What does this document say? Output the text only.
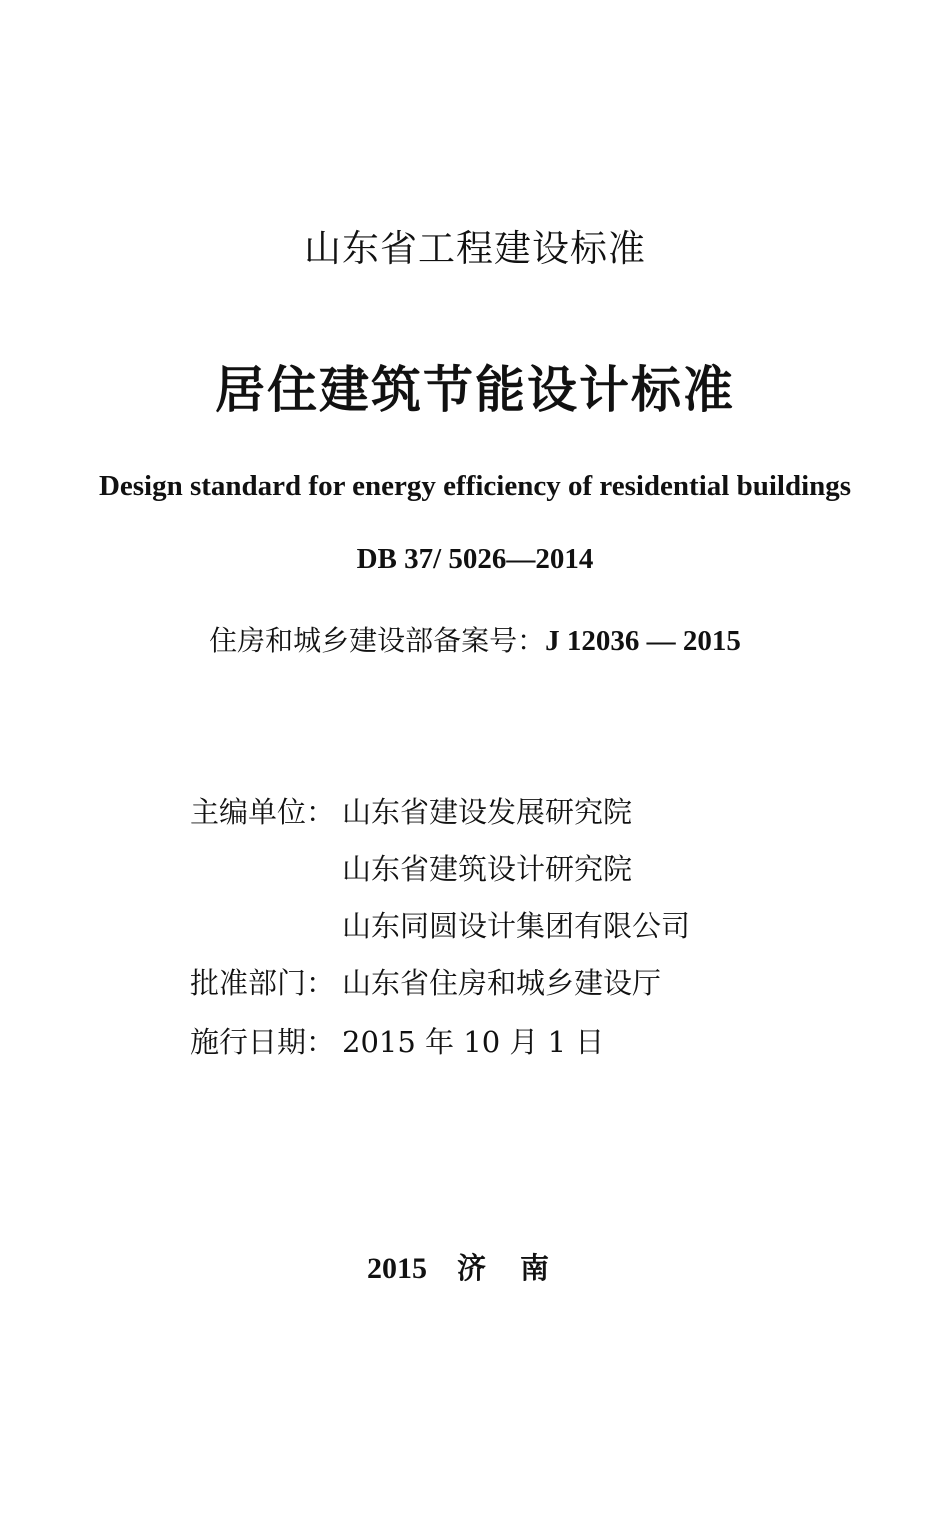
山东省工程建设标准
居住建筑节能设计标准
Design standard for energy efficiency of residential buildings
DB 37/ 5026—2014
住房和城乡建设部备案号：J 12036 — 2015
主编单位： 山东省建设发展研究院
山东省建筑设计研究院
山东同圆设计集团有限公司
批准部门： 山东省住房和城乡建设厅
施行日期： 2015 年 10 月 1 日
2015 济南
